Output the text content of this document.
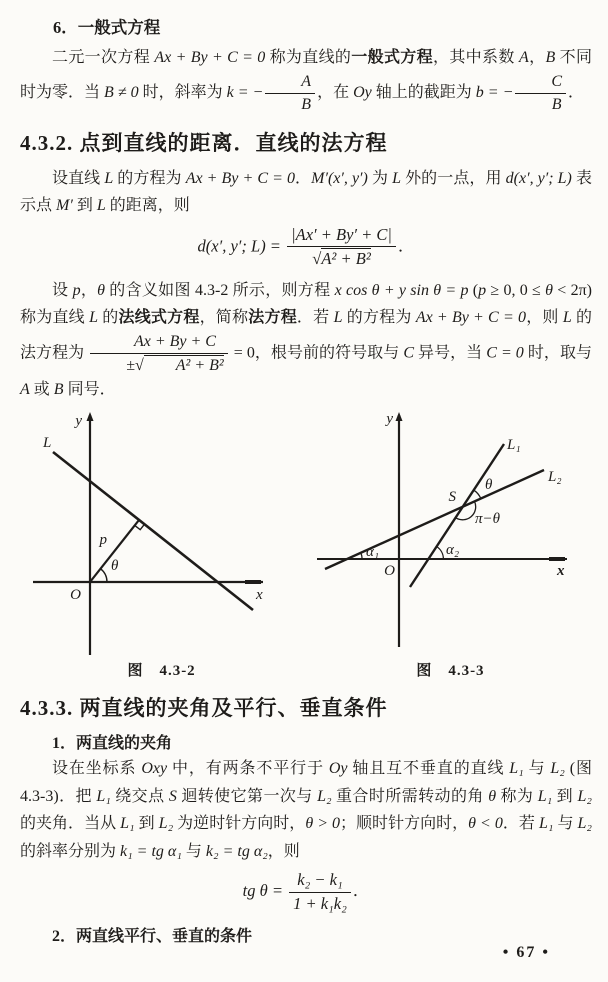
6．一般式方程

二元一次方程 Ax + By + C = 0 称为直线的一般式方程，其中系数 A，B 不同时为零．当 B ≠ 0 时，斜率为 k = − $\frac{A}{B}$ ，在 Oy 轴上的截距为 b = − $\frac{C}{B}$ ．

4.3.2. 点到直线的距离．直线的法方程

设直线 L 的方程为 Ax + By + C = 0．M′(x′, y′) 为 L 外的一点，用 d(x′, y′; L) 表示点 M′ 到 L 的距离，则

d(x′, y′; $L) = \frac{|Ax' + By' + C|}{\text{√A² + B²}}$ ．

设 p，θ 的含义如图 4.3-2 所示，则方程 x cos θ + y sin θ = p (p ≥ 0, 0 ≤ θ < 2π) 称为直线 L 的法线式方程，简称法方程．若 L 的方程为 Ax + By + C = 0，则 L 的法方程为 $\frac{Ax + By + C}{\text{±√ A² + B²}} = 0$，根号前的符号取与 C 异号，当 C = 0 时，取与 A 或 B 同号．

y
x
O
L
p
θ
图　4.3-2
y
x
O
L₁
L₂
S
θ
π−θ
α₁	α₂
图　4.3-3
4.3.3. 两直线的夹角及平行、垂直条件
1．两直线的夹角

设在坐标系 Oxy 中，有两条不平行于 Oy 轴且互不垂直的直线 L₁ 与 L₂ (图 4.3-3)．把 L₁ 绕交点 S 迴转使它第一次与 L₂ 重合时所需转动的角 θ 称为 L₁ 到 L₂ 的夹角．当从 L₁ 到 L₂ 为逆时针方向时，θ > 0；顺时针方向时，θ < 0．若 L₁ 与 L₂ 的斜率分别为 k₁ = tg α₁ 与 k₂ = tg α₂，则

tg $\theta = \frac{\text{k₂ − k₁}}{\text{1 + k₁k₂}}$ ．
2．两直线平行、垂直的条件
• 67 •
